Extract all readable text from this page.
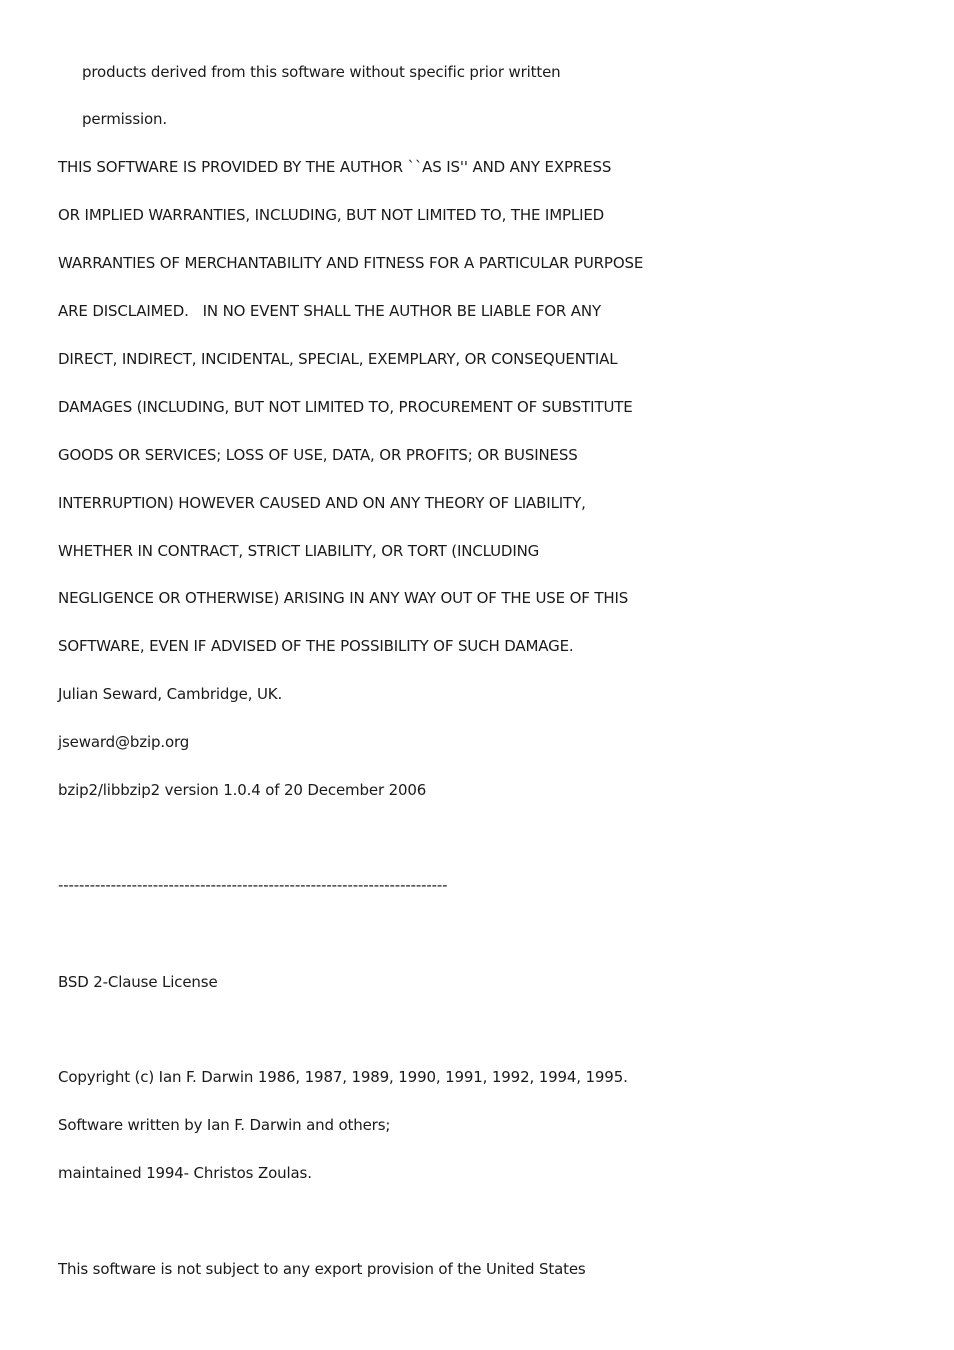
products derived from this software without specific prior written
permission.
THIS SOFTWARE IS PROVIDED BY THE AUTHOR ``AS IS'' AND ANY EXPRESS
OR IMPLIED WARRANTIES, INCLUDING, BUT NOT LIMITED TO, THE IMPLIED
WARRANTIES OF MERCHANTABILITY AND FITNESS FOR A PARTICULAR PURPOSE
ARE DISCLAIMED.   IN NO EVENT SHALL THE AUTHOR BE LIABLE FOR ANY
DIRECT, INDIRECT, INCIDENTAL, SPECIAL, EXEMPLARY, OR CONSEQUENTIAL
DAMAGES (INCLUDING, BUT NOT LIMITED TO, PROCUREMENT OF SUBSTITUTE
GOODS OR SERVICES; LOSS OF USE, DATA, OR PROFITS; OR BUSINESS
INTERRUPTION) HOWEVER CAUSED AND ON ANY THEORY OF LIABILITY,
WHETHER IN CONTRACT, STRICT LIABILITY, OR TORT (INCLUDING
NEGLIGENCE OR OTHERWISE) ARISING IN ANY WAY OUT OF THE USE OF THIS
SOFTWARE, EVEN IF ADVISED OF THE POSSIBILITY OF SUCH DAMAGE.
Julian Seward, Cambridge, UK.
jseward@bzip.org
bzip2/libbzip2 version 1.0.4 of 20 December 2006
--------------------------------------------------------------------------
BSD 2-Clause License
Copyright (c) Ian F. Darwin 1986, 1987, 1989, 1990, 1991, 1992, 1994, 1995.
Software written by Ian F. Darwin and others;
maintained 1994- Christos Zoulas.
This software is not subject to any export provision of the United States
